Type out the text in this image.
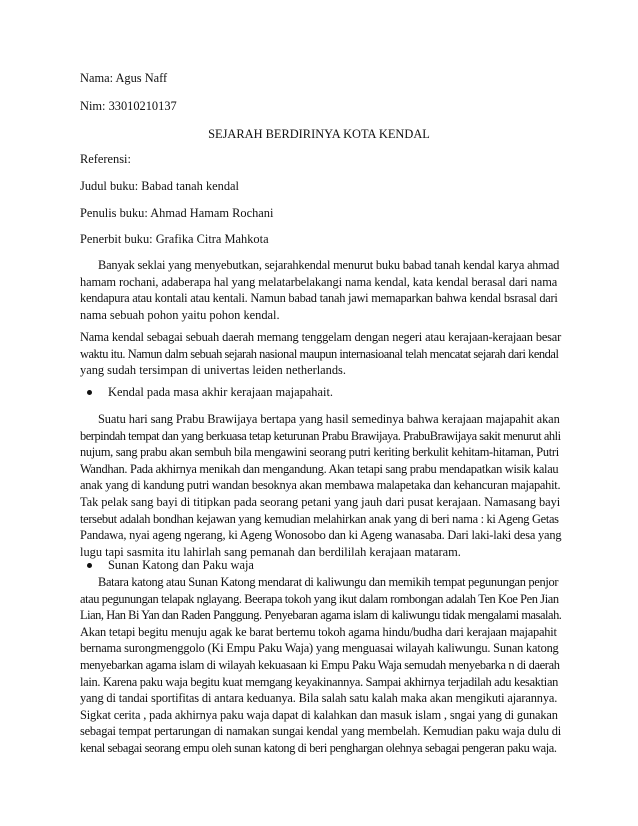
Nama: Agus Naff
Nim: 33010210137
SEJARAH BERDIRINYA KOTA KENDAL
Referensi:
Judul buku: Babad tanah kendal
Penulis buku: Ahmad Hamam Rochani
Penerbit buku: Grafika Citra Mahkota
Banyak seklai yang menyebutkan, sejarahkendal menurut buku babad tanah kendal karya ahmad
hamam rochani, adaberapa hal yang melatarbelakangi nama kendal, kata kendal berasal dari nama
kendapura atau kontali atau kentali. Namun babad tanah jawi memaparkan bahwa kendal bsrasal dari
nama sebuah pohon yaitu pohon kendal.
Nama kendal sebagai sebuah daerah memang tenggelam dengan negeri atau kerajaan-kerajaan besar
waktu itu. Namun dalm sebuah sejarah nasional maupun internasioanal telah mencatat sejarah dari kendal
yang sudah tersimpan di univertas leiden netherlands.
Kendal pada masa akhir kerajaan majapahait.
Suatu hari sang Prabu Brawijaya bertapa yang hasil semedinya bahwa kerajaan majapahit akan
berpindah tempat dan yang berkuasa tetap keturunan Prabu Brawijaya. PrabuBrawijaya sakit menurut ahli
nujum, sang prabu akan sembuh bila mengawini seorang putri keriting berkulit kehitam-hitaman, Putri
Wandhan. Pada akhirnya menikah dan mengandung. Akan tetapi sang prabu mendapatkan wisik kalau
anak yang di kandung putri wandan besoknya akan membawa malapetaka dan kehancuran majapahit.
Tak pelak sang bayi di titipkan pada seorang petani yang jauh dari pusat kerajaan. Namasang bayi
tersebut adalah bondhan kejawan yang kemudian melahirkan anak yang di beri nama : ki Ageng Getas
Pandawa, nyai ageng ngerang, ki Ageng Wonosobo dan ki Ageng wanasaba. Dari laki-laki desa yang
lugu tapi sasmita itu lahirlah sang pemanah dan berdililah kerajaan mataram.
Sunan Katong dan Paku waja
Batara katong atau Sunan Katong mendarat di kaliwungu dan memikih tempat pegunungan penjor
atau pegunungan telapak nglayang. Beerapa tokoh yang ikut dalam rombongan adalah Ten Koe Pen Jian
Lian, Han Bi Yan dan Raden Panggung. Penyebaran agama islam di kaliwungu tidak mengalami masalah.
Akan tetapi begitu menuju agak ke barat bertemu tokoh agama hindu/budha dari kerajaan majapahit
bernama surongmenggolo (Ki Empu Paku Waja) yang menguasai wilayah kaliwungu. Sunan katong
menyebarkan agama islam di wilayah kekuasaan ki Empu Paku Waja semudah menyebarka n di daerah
lain. Karena paku waja begitu kuat memgang keyakinannya. Sampai akhirnya terjadilah adu kesaktian
yang di tandai sportifitas di antara keduanya. Bila salah satu kalah maka akan mengikuti ajarannya.
Sigkat cerita , pada akhirnya paku waja dapat di kalahkan dan masuk islam , sngai yang di gunakan
sebagai tempat pertarungan di namakan sungai kendal yang membelah. Kemudian paku waja dulu di
kenal sebagai seorang empu oleh sunan katong di beri penghargan olehnya sebagai pengeran paku waja.
